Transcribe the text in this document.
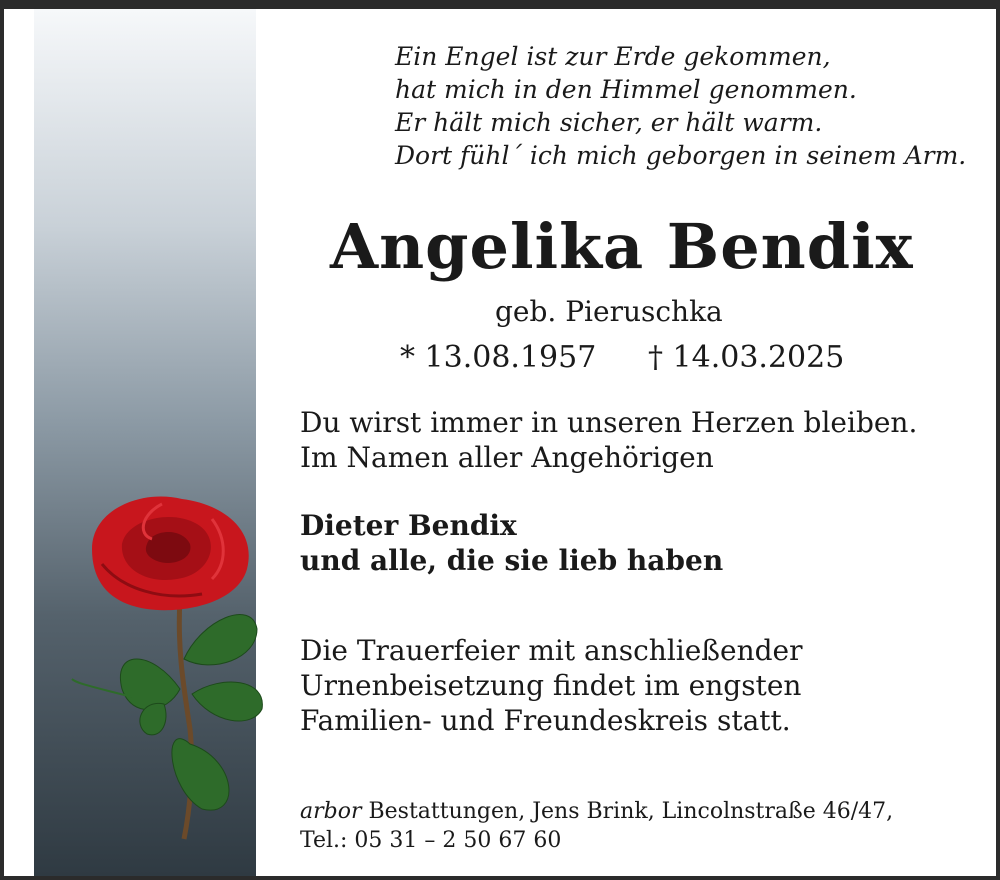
Ein Engel ist zur Erde gekommen,
hat mich in den Himmel genommen.
Er hält mich sicher, er hält warm.
Dort fühl´ ich mich geborgen in seinem Arm.
Angelika Bendix
geb. Pieruschka
* 13.08.1957 † 14.03.2025
Du wirst immer in unseren Herzen bleiben.
Im Namen aller Angehörigen
Dieter Bendix
und alle, die sie lieb haben
Die Trauerfeier mit anschließender
Urnenbeisetzung findet im engsten
Familien- und Freundeskreis statt.
arbor Bestattungen, Jens Brink, Lincolnstraße 46/47,
Tel.: 05 31 – 2 50 67 60
